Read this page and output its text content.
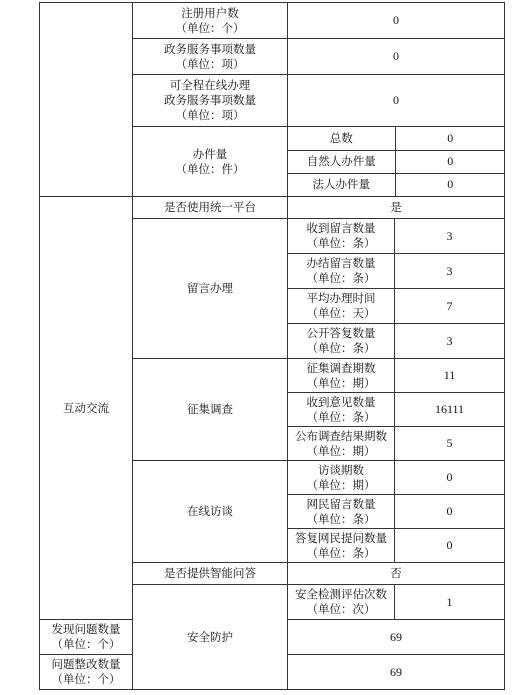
注册用户数
（单位：个）
	0

政务服务事项数量
（单位：项）
	0

可全程在线办理
政务服务事项数量
（单位：项）
	0

办件量
（单位：件）

总数	0
自然人办件量	0
法人办件量	0

互动交流	是否使用统一平台	是
留言办理	
收到留言数量
（单位：条）
	3

办结留言数量
（单位：条）
	3

平均办理时间
（单位：天）
	7

公开答复数量
（单位：条）
	3
征集调查	
征集调查期数
（单位：期）
	11

收到意见数量
（单位：条）
	16111

公布调查结果期数
（单位：期）
	5
在线访谈	
访谈期数
（单位：期）
	0

网民留言数量
（单位：条）
	0

答复网民提问数量
（单位：条）
	0
是否提供智能问答	否
安全防护	
安全检测评估次数
（单位：次）
	1

发现问题数量
（单位：个）
	69

问题整改数量
（单位：个）
	69
